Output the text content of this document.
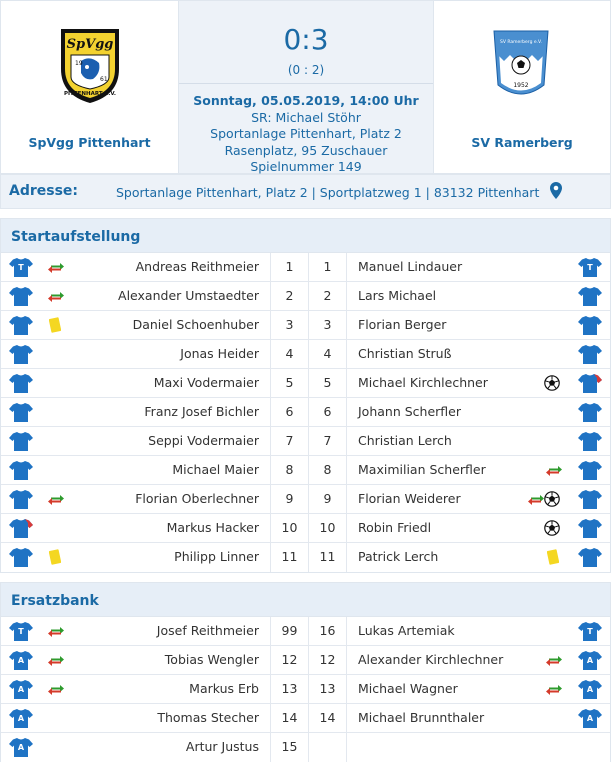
SpVgg
19
61
PITTENHART e.V.
SpVgg Pittenhart
0:3
(0 : 2)
Sonntag, 05.05.2019, 14:00 Uhr
SR: Michael Stöhr
Sportanlage Pittenhart, Platz 2
Rasenplatz, 95 Zuschauer
Spielnummer 149
SV Ramerberg e.V.
1952
SV Ramerberg
Adresse:	Sportanlage Pittenhart, Platz 2 | Sportplatzweg 1 | 83132 Pittenhart
Startaufstellung
T	Andreas Reithmeier	1	1	Manuel Lindauer	T
Alexander Umstaedter	2	2	Lars Michael
Daniel Schoenhuber	3	3	Florian Berger
Jonas Heider	4	4	Christian Struß
Maxi Vodermaier	5	5	Michael Kirchlechner
Franz Josef Bichler	6	6	Johann Scherfler
Seppi Vodermaier	7	7	Christian Lerch
Michael Maier	8	8	Maximilian Scherfler
Florian Oberlechner	9	9	Florian Weiderer
Markus Hacker	10	10	Robin Friedl
Philipp Linner	11	11	Patrick Lerch
Ersatzbank
T	Josef Reithmeier	99	16	Lukas Artemiak	T
A	Tobias Wengler	12	12	Alexander Kirchlechner	A
A	Markus Erb	13	13	Michael Wagner	A
A	Thomas Stecher	14	14	Michael Brunnthaler	A
A	Artur Justus	15
